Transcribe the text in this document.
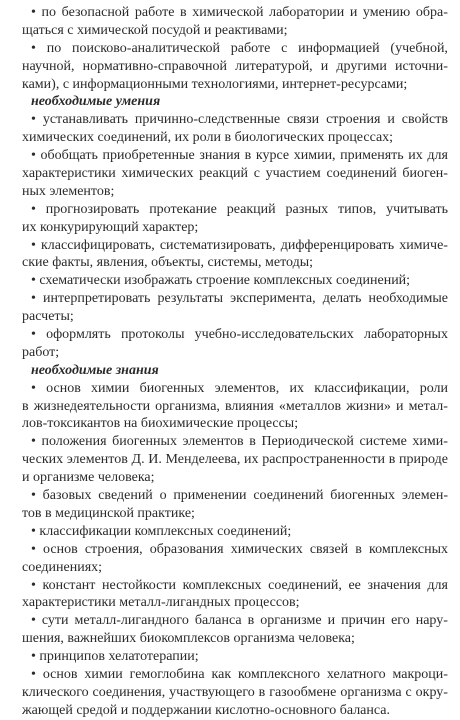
• по безопасной работе в химической лаборатории и умению обра-
щаться с химической посудой и реактивами;
• по поисково-аналитической работе с информацией (учебной,
научной, нормативно-справочной литературой, и другими источни-
ками), с информационными технологиями, интернет-ресурсами;
необходимые умения
• устанавливать причинно-следственные связи строения и свойств
химических соединений, их роли в биологических процессах;
• обобщать приобретенные знания в курсе химии, применять их для
характеристики химических реакций с участием соединений биоген-
ных элементов;
• прогнозировать протекание реакций разных типов, учитывать
их конкурирующий характер;
• классифицировать, систематизировать, дифференцировать химиче-
ские факты, явления, объекты, системы, методы;
• схематически изображать строение комплексных соединений;
• интерпретировать результаты эксперимента, делать необходимые
расчеты;
• оформлять протоколы учебно-исследовательских лабораторных
работ;
необходимые знания
• основ химии биогенных элементов, их классификации, роли
в жизнедеятельности организма, влияния «металлов жизни» и метал-
лов-токсикантов на биохимические процессы;
• положения биогенных элементов в Периодической системе хими-
ческих элементов Д. И. Менделеева, их распространенности в природе
и организме человека;
• базовых сведений о применении соединений биогенных элемен-
тов в медицинской практике;
• классификации комплексных соединений;
• основ строения, образования химических связей в комплексных
соединениях;
• констант нестойкости комплексных соединений, ее значения для
характеристики металл-лигандных процессов;
• сути металл-лигандного баланса в организме и причин его нару-
шения, важнейших биокомплексов организма человека;
• принципов хелатотерапии;
• основ химии гемоглобина как комплексного хелатного макроци-
клического соединения, участвующего в газообмене организма с окру-
жающей средой и поддержании кислотно-основного баланса.
